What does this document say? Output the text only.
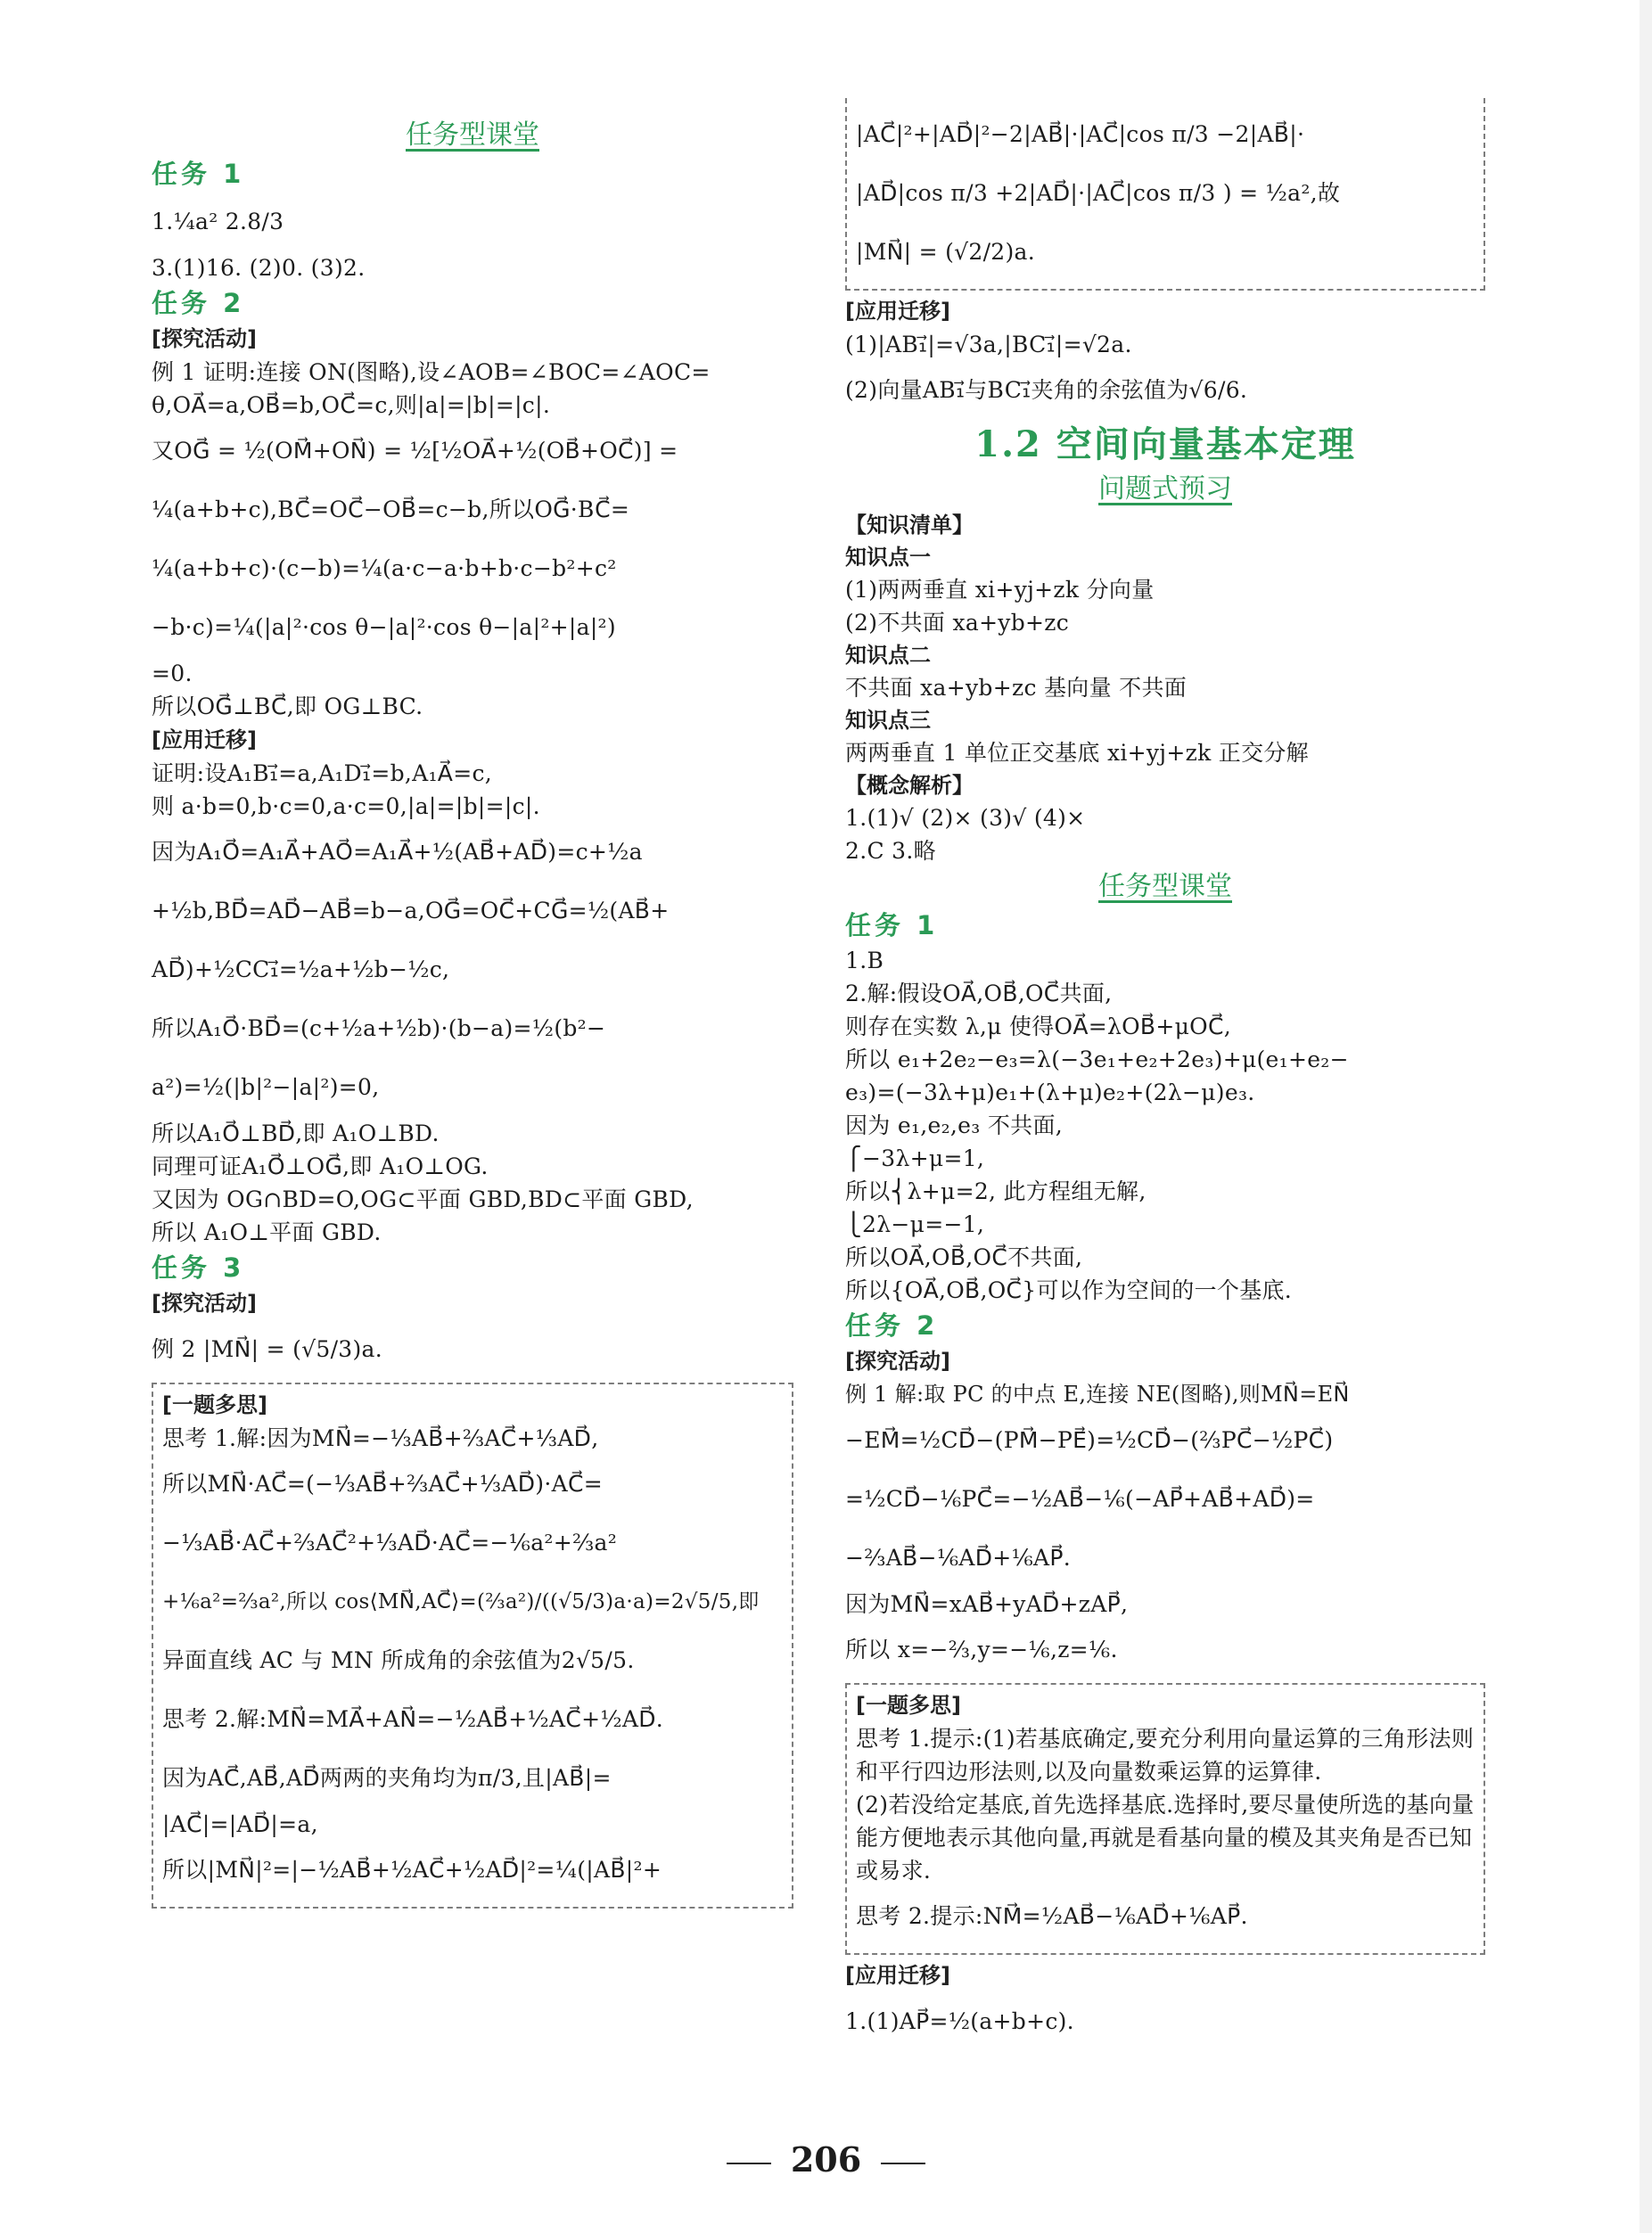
任务型课堂
任务 1
1.¼a² 2.8/3
3.(1)16. (2)0. (3)2.
任务 2
[探究活动]
例 1 证明:连接 ON(图略),设∠AOB=∠BOC=∠AOC=
θ,OA⃗=a,OB⃗=b,OC⃗=c,则|a|=|b|=|c|.
又OG⃗ = ½(OM⃗+ON⃗) = ½[½OA⃗+½(OB⃗+OC⃗)] =
¼(a+b+c),BC⃗=OC⃗−OB⃗=c−b,所以OG⃗·BC⃗=
¼(a+b+c)·(c−b)=¼(a·c−a·b+b·c−b²+c²
−b·c)=¼(|a|²·cos θ−|a|²·cos θ−|a|²+|a|²)
=0.
所以OG⃗⊥BC⃗,即 OG⊥BC.
[应用迁移]
证明:设A₁B₁⃗=a,A₁D₁⃗=b,A₁A⃗=c,
则 a·b=0,b·c=0,a·c=0,|a|=|b|=|c|.
因为A₁O⃗=A₁A⃗+AO⃗=A₁A⃗+½(AB⃗+AD⃗)=c+½a
+½b,BD⃗=AD⃗−AB⃗=b−a,OG⃗=OC⃗+CG⃗=½(AB⃗+
AD⃗)+½CC₁⃗=½a+½b−½c,
所以A₁O⃗·BD⃗=(c+½a+½b)·(b−a)=½(b²−
a²)=½(|b|²−|a|²)=0,
所以A₁O⃗⊥BD⃗,即 A₁O⊥BD.
同理可证A₁O⃗⊥OG⃗,即 A₁O⊥OG.
又因为 OG∩BD=O,OG⊂平面 GBD,BD⊂平面 GBD,
所以 A₁O⊥平面 GBD.
任务 3
[探究活动]
例 2 |MN⃗| = (√5/3)a.
[一题多思]
思考 1.解:因为MN⃗=−⅓AB⃗+⅔AC⃗+⅓AD⃗,
所以MN⃗·AC⃗=(−⅓AB⃗+⅔AC⃗+⅓AD⃗)·AC⃗=
−⅓AB⃗·AC⃗+⅔AC⃗²+⅓AD⃗·AC⃗=−⅙a²+⅔a²
+⅙a²=⅔a²,所以 cos⟨MN⃗,AC⃗⟩=(⅔a²)/((√5/3)a·a)=2√5/5,即
异面直线 AC 与 MN 所成角的余弦值为2√5/5.
思考 2.解:MN⃗=MA⃗+AN⃗=−½AB⃗+½AC⃗+½AD⃗.
因为AC⃗,AB⃗,AD⃗两两的夹角均为π/3,且|AB⃗|=
|AC⃗|=|AD⃗|=a,
所以|MN⃗|²=|−½AB⃗+½AC⃗+½AD⃗|²=¼(|AB⃗|²+
|AC⃗|²+|AD⃗|²−2|AB⃗|·|AC⃗|cos π/3 −2|AB⃗|·
|AD⃗|cos π/3 +2|AD⃗|·|AC⃗|cos π/3 ) = ½a²,故
|MN⃗| = (√2/2)a.
[应用迁移]
(1)|AB₁⃗|=√3a,|BC₁⃗|=√2a.
(2)向量AB₁⃗与BC₁⃗夹角的余弦值为√6/6.
1.2 空间向量基本定理
问题式预习
【知识清单】
知识点一
(1)两两垂直 xi+yj+zk 分向量
(2)不共面 xa+yb+zc
知识点二
不共面 xa+yb+zc 基向量 不共面
知识点三
两两垂直 1 单位正交基底 xi+yj+zk 正交分解
【概念解析】
1.(1)√ (2)× (3)√ (4)×
2.C 3.略
任务型课堂
任务 1
1.B
2.解:假设OA⃗,OB⃗,OC⃗共面,
则存在实数 λ,μ 使得OA⃗=λOB⃗+μOC⃗,
所以 e₁+2e₂−e₃=λ(−3e₁+e₂+2e₃)+μ(e₁+e₂−
e₃)=(−3λ+μ)e₁+(λ+μ)e₂+(2λ−μ)e₃.
因为 e₁,e₂,e₃ 不共面,
⎧−3λ+μ=1,
所以⎨λ+μ=2, 此方程组无解,
⎩2λ−μ=−1,
所以OA⃗,OB⃗,OC⃗不共面,
所以{OA⃗,OB⃗,OC⃗}可以作为空间的一个基底.
任务 2
[探究活动]
例 1 解:取 PC 的中点 E,连接 NE(图略),则MN⃗=EN⃗
−EM⃗=½CD⃗−(PM⃗−PE⃗)=½CD⃗−(⅔PC⃗−½PC⃗)
=½CD⃗−⅙PC⃗=−½AB⃗−⅙(−AP⃗+AB⃗+AD⃗)=
−⅔AB⃗−⅙AD⃗+⅙AP⃗.
因为MN⃗=xAB⃗+yAD⃗+zAP⃗,
所以 x=−⅔,y=−⅙,z=⅙.
[一题多思]
思考 1.提示:(1)若基底确定,要充分利用向量运算的三角形法则和平行四边形法则,以及向量数乘运算的运算律.
(2)若没给定基底,首先选择基底.选择时,要尽量使所选的基向量能方便地表示其他向量,再就是看基向量的模及其夹角是否已知或易求.
思考 2.提示:NM⃗=½AB⃗−⅙AD⃗+⅙AP⃗.
[应用迁移]
1.(1)AP⃗=½(a+b+c).
206
